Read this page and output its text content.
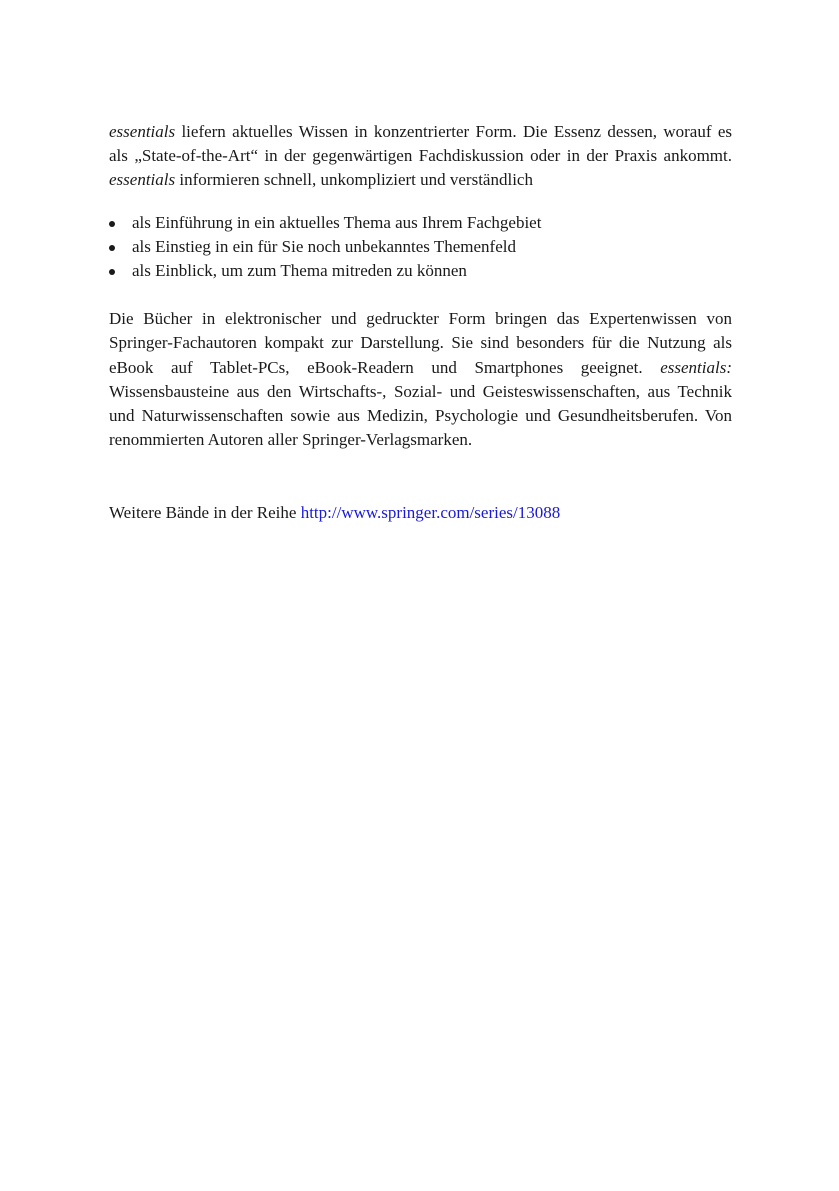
essentials liefern aktuelles Wissen in konzentrierter Form. Die Essenz dessen, worauf es als „State-of-the-Art“ in der gegenwärtigen Fachdiskussion oder in der Praxis ankommt. essentials informieren schnell, unkompliziert und verständlich

als Einführung in ein aktuelles Thema aus Ihrem Fachgebiet
als Einstieg in ein für Sie noch unbekanntes Themenfeld
als Einblick, um zum Thema mitreden zu können

Die Bücher in elektronischer und gedruckter Form bringen das Expertenwissen von Springer-Fachautoren kompakt zur Darstellung. Sie sind besonders für die Nutzung als eBook auf Tablet-PCs, eBook-Readern und Smartphones geeignet. essentials: Wissensbausteine aus den Wirtschafts-, Sozial- und Geisteswissenschaften, aus Technik und Naturwissenschaften sowie aus Medizin, Psychologie und Gesundheitsberufen. Von renommierten Autoren aller Springer-Verlagsmarken.

Weitere Bände in der Reihe http://www.springer.com/series/13088
